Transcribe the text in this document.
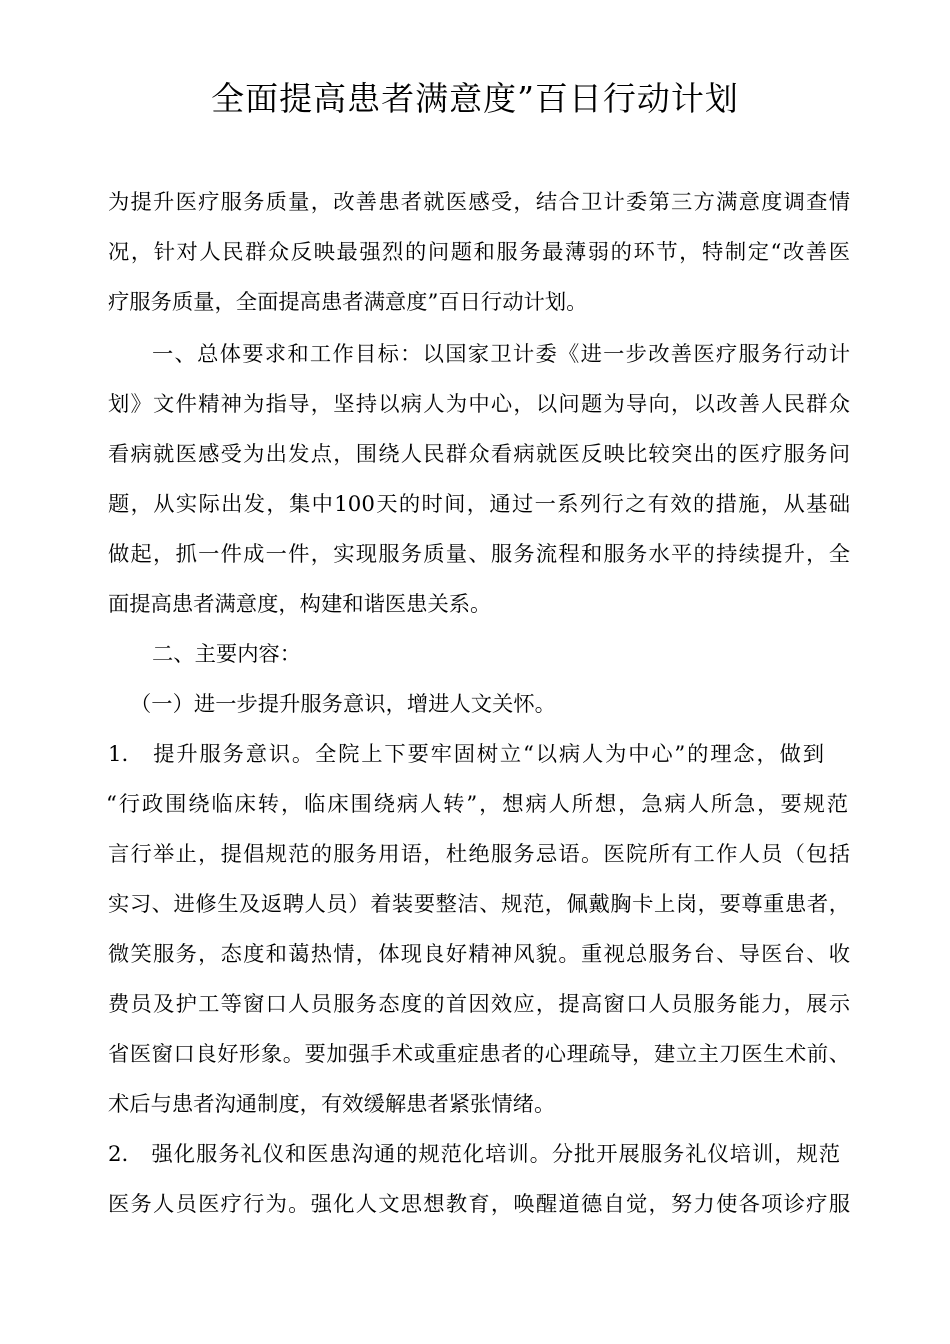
全面提高患者满意度”百日行动计划
为提升医疗服务质量，改善患者就医感受，结合卫计委第三方满意度调查情
况，针对人民群众反映最强烈的问题和服务最薄弱的环节，特制定“改善医
疗服务质量，全面提高患者满意度”百日行动计划。
一、总体要求和工作目标：以国家卫计委《进一步改善医疗服务行动计
划》文件精神为指导，坚持以病人为中心，以问题为导向，以改善人民群众
看病就医感受为出发点，围绕人民群众看病就医反映比较突出的医疗服务问
题，从实际出发，集中100天的时间，通过一系列行之有效的措施，从基础
做起，抓一件成一件，实现服务质量、服务流程和服务水平的持续提升，全
面提高患者满意度，构建和谐医患关系。
二、主要内容：
（一）进一步提升服务意识，增进人文关怀。
1.　提升服务意识。全院上下要牢固树立“以病人为中心”的理念，做到
“行政围绕临床转，临床围绕病人转”，想病人所想，急病人所急，要规范
言行举止，提倡规范的服务用语，杜绝服务忌语。医院所有工作人员（包括
实习、进修生及返聘人员）着装要整洁、规范，佩戴胸卡上岗，要尊重患者，
微笑服务，态度和蔼热情，体现良好精神风貌。重视总服务台、导医台、收
费员及护工等窗口人员服务态度的首因效应，提高窗口人员服务能力，展示
省医窗口良好形象。要加强手术或重症患者的心理疏导，建立主刀医生术前、
术后与患者沟通制度，有效缓解患者紧张情绪。
2.　强化服务礼仪和医患沟通的规范化培训。分批开展服务礼仪培训，规范
医务人员医疗行为。强化人文思想教育，唤醒道德自觉，努力使各项诊疗服
